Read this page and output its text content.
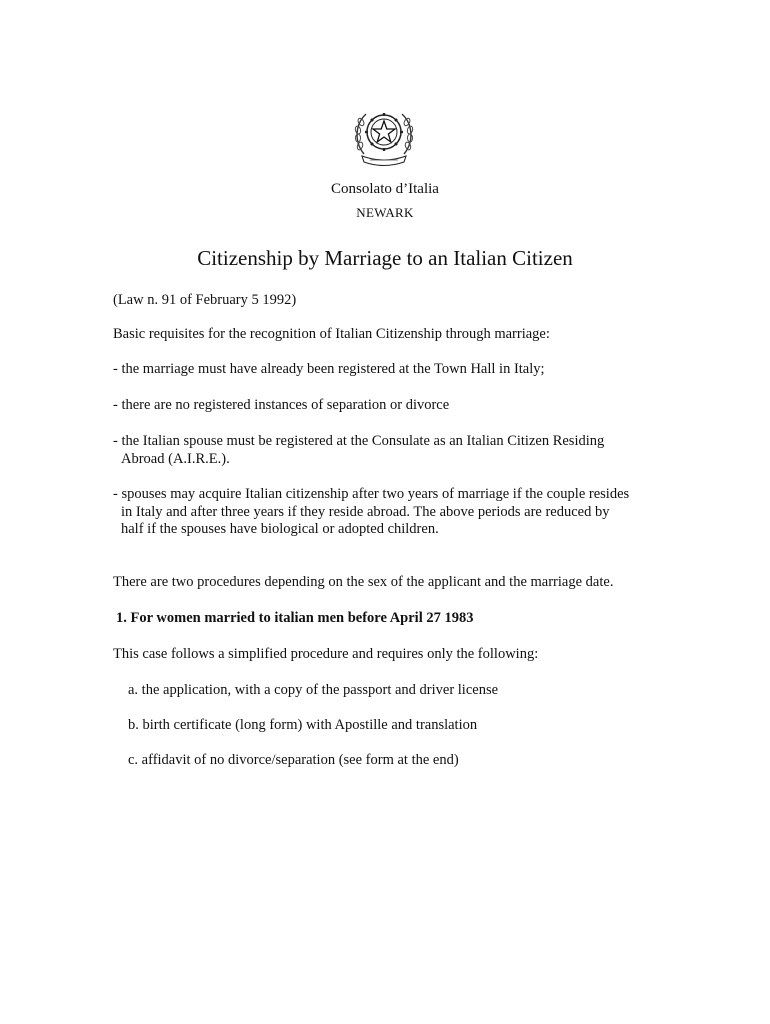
Consolato d’Italia
NEWARK
Citizenship by Marriage to an Italian Citizen
(Law n. 91 of February 5 1992)
Basic requisites for the recognition of Italian Citizenship through marriage:
- the marriage must have already been registered at the Town Hall in Italy;
- there are no registered instances of separation or divorce
- the Italian spouse must be registered at the Consulate as an Italian Citizen Residing
Abroad (A.I.R.E.).
- spouses may acquire Italian citizenship after two years of marriage if the couple resides
in Italy and after three years if they reside abroad. The above periods are reduced by
half if the spouses have biological or adopted children.
There are two procedures depending on the sex of the applicant and the marriage date.
1. For women married to italian men before April 27 1983
This case follows a simplified procedure and requires only the following:
a. the application, with a copy of the passport and driver license
b. birth certificate (long form) with Apostille and translation
c. affidavit of no divorce/separation (see form at the end)
